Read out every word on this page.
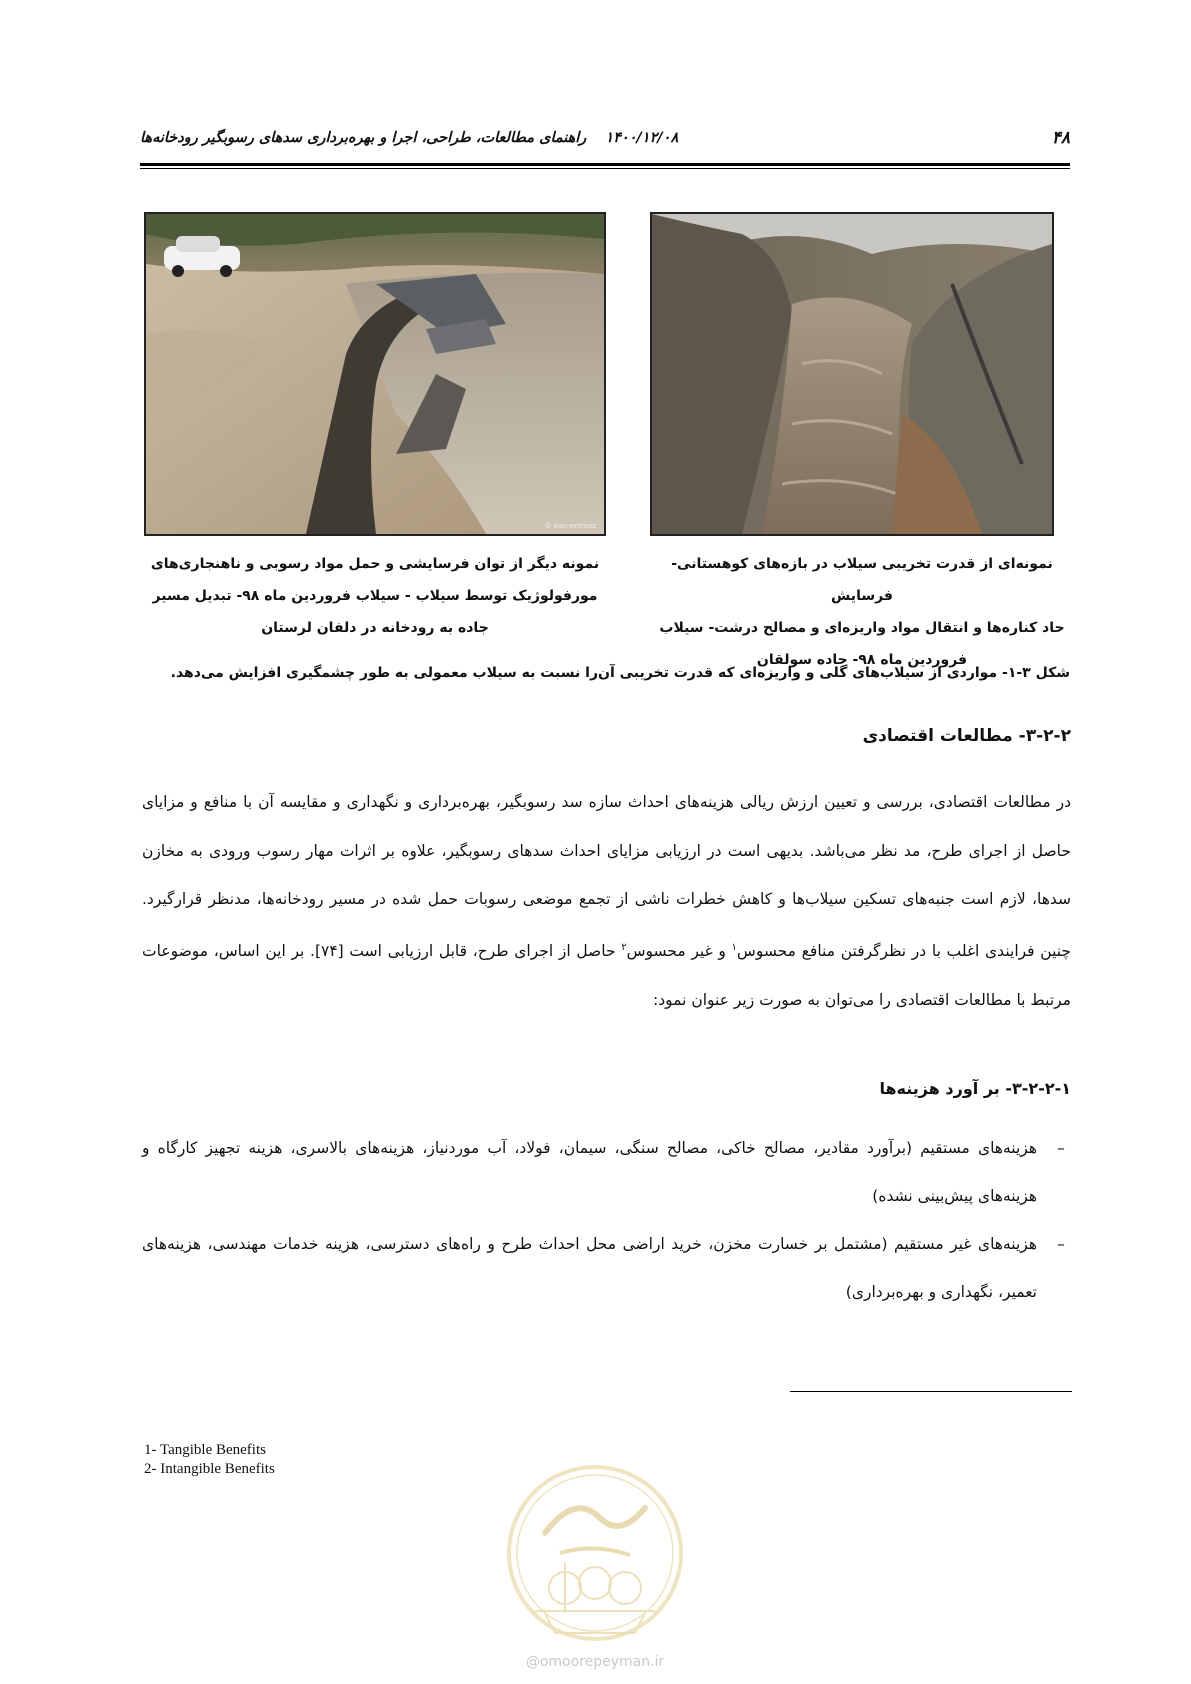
۴۸
۱۴۰۰/۱۲/۰۸ راهنمای مطالعات، طراحی، اجرا و بهره‌برداری سدهای رسوبگیر رودخانه‌ها
© iran-emrooz
نمونه دیگر از توان فرسایشی و حمل مواد رسوبی و ناهنجاری‌های
مورفولوژیک توسط سیلاب - سیلاب فروردین ماه ۹۸- تبدیل مسیر
جاده به رودخانه در دلفان لرستان
نمونه‌ای از قدرت تخریبی سیلاب در بازه‌های کوهستانی- فرسایش
حاد کناره‌ها و انتقال مواد واریزه‌ای و مصالح درشت- سیلاب
فروردین ماه ۹۸- جاده سولقان
شکل ۳-۱- مواردی از سیلاب‌های گلی و واریزه‌ای که قدرت تخریبی آن‌را نسبت به سیلاب معمولی به طور چشمگیری افزایش می‌دهد.
۳-۲-۲- مطالعات اقتصادی
در مطالعات اقتصادی، بررسی و تعیین ارزش ریالی هزینه‌های احداث سازه سد رسوبگیر، بهره‌برداری و نگهداری و مقایسه آن با منافع و مزایای حاصل از اجرای طرح، مد نظر می‌باشد. بدیهی است در ارزیابی مزایای احداث سدهای رسوبگیر، علاوه بر اثرات مهار رسوب ورودی به مخازن سدها، لازم است جنبه‌های تسکین سیلاب‌ها و کاهش خطرات ناشی از تجمع موضعی رسوبات حمل شده در مسیر رودخانه‌ها، مدنظر قرارگیرد. چنین فرایندی اغلب با در نظرگرفتن منافع محسوس$^۱$ و غیر محسوس$^۲$ حاصل از اجرای طرح، قابل ارزیابی است [۷۴]. بر این اساس، موضوعات مرتبط با مطالعات اقتصادی را می‌توان به صورت زیر عنوان نمود:
۳-۲-۲-۱- بر آورد هزینه‌ها
–
هزینه‌های مستقیم (برآورد مقادیر، مصالح خاکی، مصالح سنگی، سیمان، فولاد، آب موردنیاز، هزینه‌های بالاسری، هزینه تجهیز کارگاه و هزینه‌های پیش‌بینی نشده)
–
هزینه‌های غیر مستقیم (مشتمل بر خسارت مخزن، خرید اراضی محل احداث طرح و راه‌های دسترسی، هزینه خدمات مهندسی، هزینه‌های تعمیر، نگهداری و بهره‌برداری)
1- Tangible Benefits
2- Intangible Benefits
@omoorepeyman.ir
